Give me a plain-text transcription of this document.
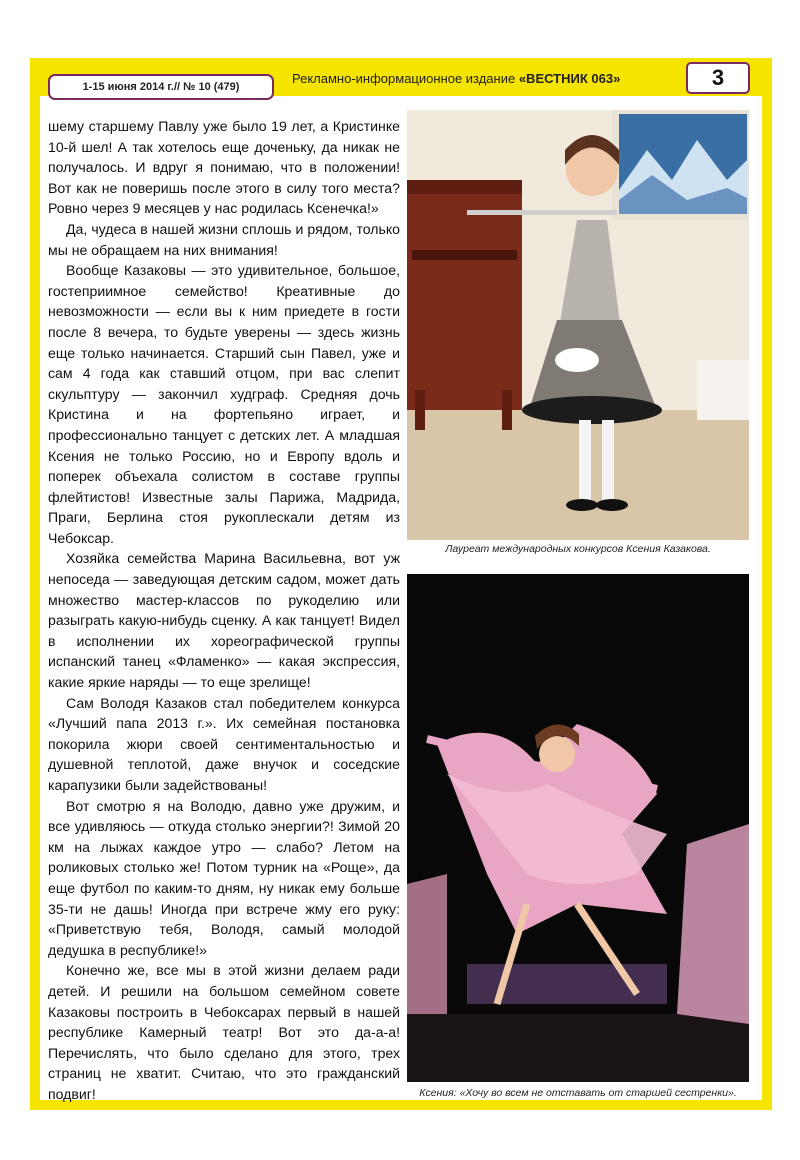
1-15 июня 2014 г.// № 10 (479)
Рекламно-информационное издание «ВЕСТНИК 063»	3

шему старшему Павлу уже было 19 лет, а Кристинке 10-й шел! А так хотелось еще доченьку, да никак не получалось. И вдруг я понимаю, что в положении! Вот как не поверишь после этого в силу того места? Ровно через 9 месяцев у нас родилась Ксенечка!»

Да, чудеса в нашей жизни сплошь и рядом, только мы не обращаем на них внимания!

Вообще Казаковы — это удивительное, большое, гостеприимное семейство! Креативные до невозможности — если вы к ним приедете в гости после 8 вечера, то будьте уверены — здесь жизнь еще только начинается. Старший сын Павел, уже и сам 4 года как ставший отцом, при вас слепит скульптуру — закончил худграф. Средняя дочь Кристина и на фортепьяно играет, и профессионально танцует с детских лет. А младшая Ксения не только Россию, но и Европу вдоль и поперек объехала солистом в составе группы флейтистов! Известные залы Парижа, Мадрида, Праги, Берлина стоя рукоплескали детям из Чебоксар.

Хозяйка семейства Марина Васильевна, вот уж непоседа — заведующая детским садом, может дать множество мастер-классов по рукоделию или разыграть какую-нибудь сценку. А как танцует! Видел в исполнении их хореографической группы испанский танец «Фламенко» — какая экспрессия, какие яркие наряды — то еще зрелище!

Сам Володя Казаков стал победителем конкурса «Лучший папа 2013 г.». Их семейная постановка покорила жюри своей сентиментальностью и душевной теплотой, даже внучок и соседские карапузики были задействованы!

Вот смотрю я на Володю, давно уже дружим, и все удивляюсь — откуда столько энергии?! Зимой 20 км на лыжах каждое утро — слабо? Летом на роликовых столько же! Потом турник на «Роще», да еще футбол по каким-то дням, ну никак ему больше 35-ти не дашь! Иногда при встрече жму его руку: «Приветствую тебя, Володя, самый молодой дедушка в республике!»

Конечно же, все мы в этой жизни делаем ради детей. И решили на большом семейном совете Казаковы построить в Чебоксарах первый в нашей республике Камерный театр! Вот это да-а-а! Перечислять, что было сделано для этого, трех страниц не хватит. Считаю, что это гражданский подвиг!

Лауреат международных конкурсов Ксения Казакова.
Ксения: «Хочу во всем не отставать от старшей сестренки».
